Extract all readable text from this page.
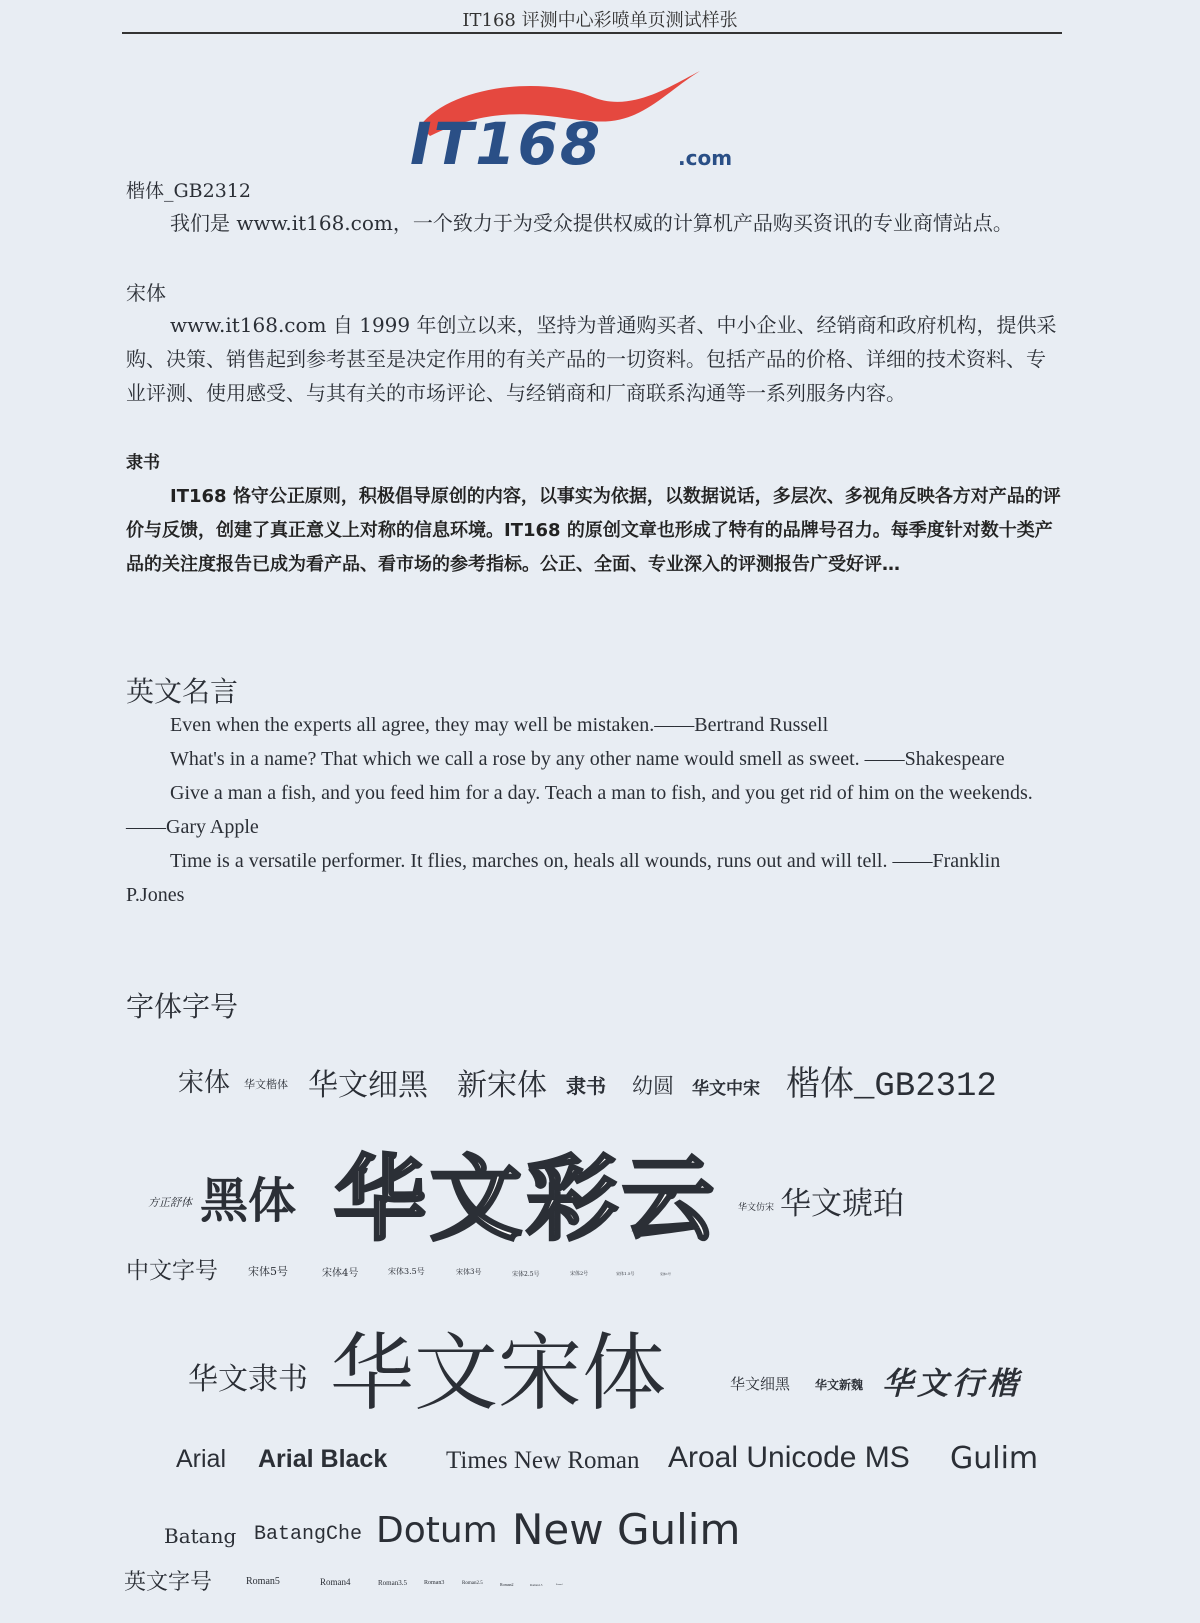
IT168 评测中心彩喷单页测试样张
IT168	.com
楷体_GB2312
我们是 www.it168.com，一个致力于为受众提供权威的计算机产品购买资讯的专业商情站点。
宋体
www.it168.com 自 1999 年创立以来，坚持为普通购买者、中小企业、经销商和政府机构，提供采购、决策、销售起到参考甚至是决定作用的有关产品的一切资料。包括产品的价格、详细的技术资料、专业评测、使用感受、与其有关的市场评论、与经销商和厂商联系沟通等一系列服务内容。
隶书
IT168 恪守公正原则，积极倡导原创的内容，以事实为依据，以数据说话，多层次、多视角反映各方对产品的评价与反馈，创建了真正意义上对称的信息环境。IT168 的原创文章也形成了特有的品牌号召力。每季度针对数十类产品的关注度报告已成为看产品、看市场的参考指标。公正、全面、专业深入的评测报告广受好评…
英文名言
Even when the experts all agree, they may well be mistaken.——Bertrand Russell
What's in a name? That which we call a rose by any other name would smell as sweet. ——Shakespeare
Give a man a fish, and you feed him for a day. Teach a man to fish, and you get rid of him on the weekends. ——Gary Apple
Time is a versatile performer. It flies, marches on, heals all wounds, runs out and will tell. ——Franklin P.Jones
字体字号
宋体 华文楷体 华文细黑 新宋体 隶书 幼圆 华文中宋 楷体_GB2312
方正舒体 黑体 华文彩云 华文仿宋 华文琥珀
中文字号	宋体5号	宋体4号	宋体3.5号	宋体3号	宋体2.5号	宋体2号	宋体1.5号	宋体1号
华文隶书 华文宋体	华文细黑 华文新魏 华文行楷
Arial Arial Black Times New Roman Aroal Unicode MS Gulim
Batang BatangChe Dotum New Gulim
英文字号	Roman5	Roman4	Roman3.5	Roman3	Roman2.5	Roman2	Roman1.5	Roman1
